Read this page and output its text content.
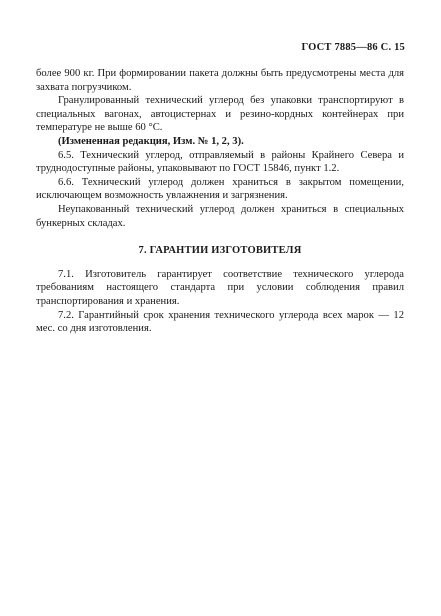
ГОСТ 7885—86 С. 15

более 900 кг. При формировании пакета должны быть предусмотрены места для захвата погрузчиком.

Гранулированный технический углерод без упаковки транспортируют в специальных вагонах, автоцистернах и резино-кордных контейнерах при температуре не выше 60 °С.

(Измененная редакция, Изм. № 1, 2, 3).

6.5. Технический углерод, отправляемый в районы Крайнего Севера и труднодоступные районы, упаковывают по ГОСТ 15846, пункт 1.2.

6.6. Технический углерод должен храниться в закрытом помещении, исключающем возможность увлажнения и загрязнения.

Неупакованный технический углерод должен храниться в специальных бункерных складах.

7. ГАРАНТИИ ИЗГОТОВИТЕЛЯ

7.1. Изготовитель гарантирует соответствие технического углерода требованиям настоящего стандарта при условии соблюдения правил транспортирования и хранения.

7.2. Гарантийный срок хранения технического углерода всех марок — 12 мес. со дня изготовления.
